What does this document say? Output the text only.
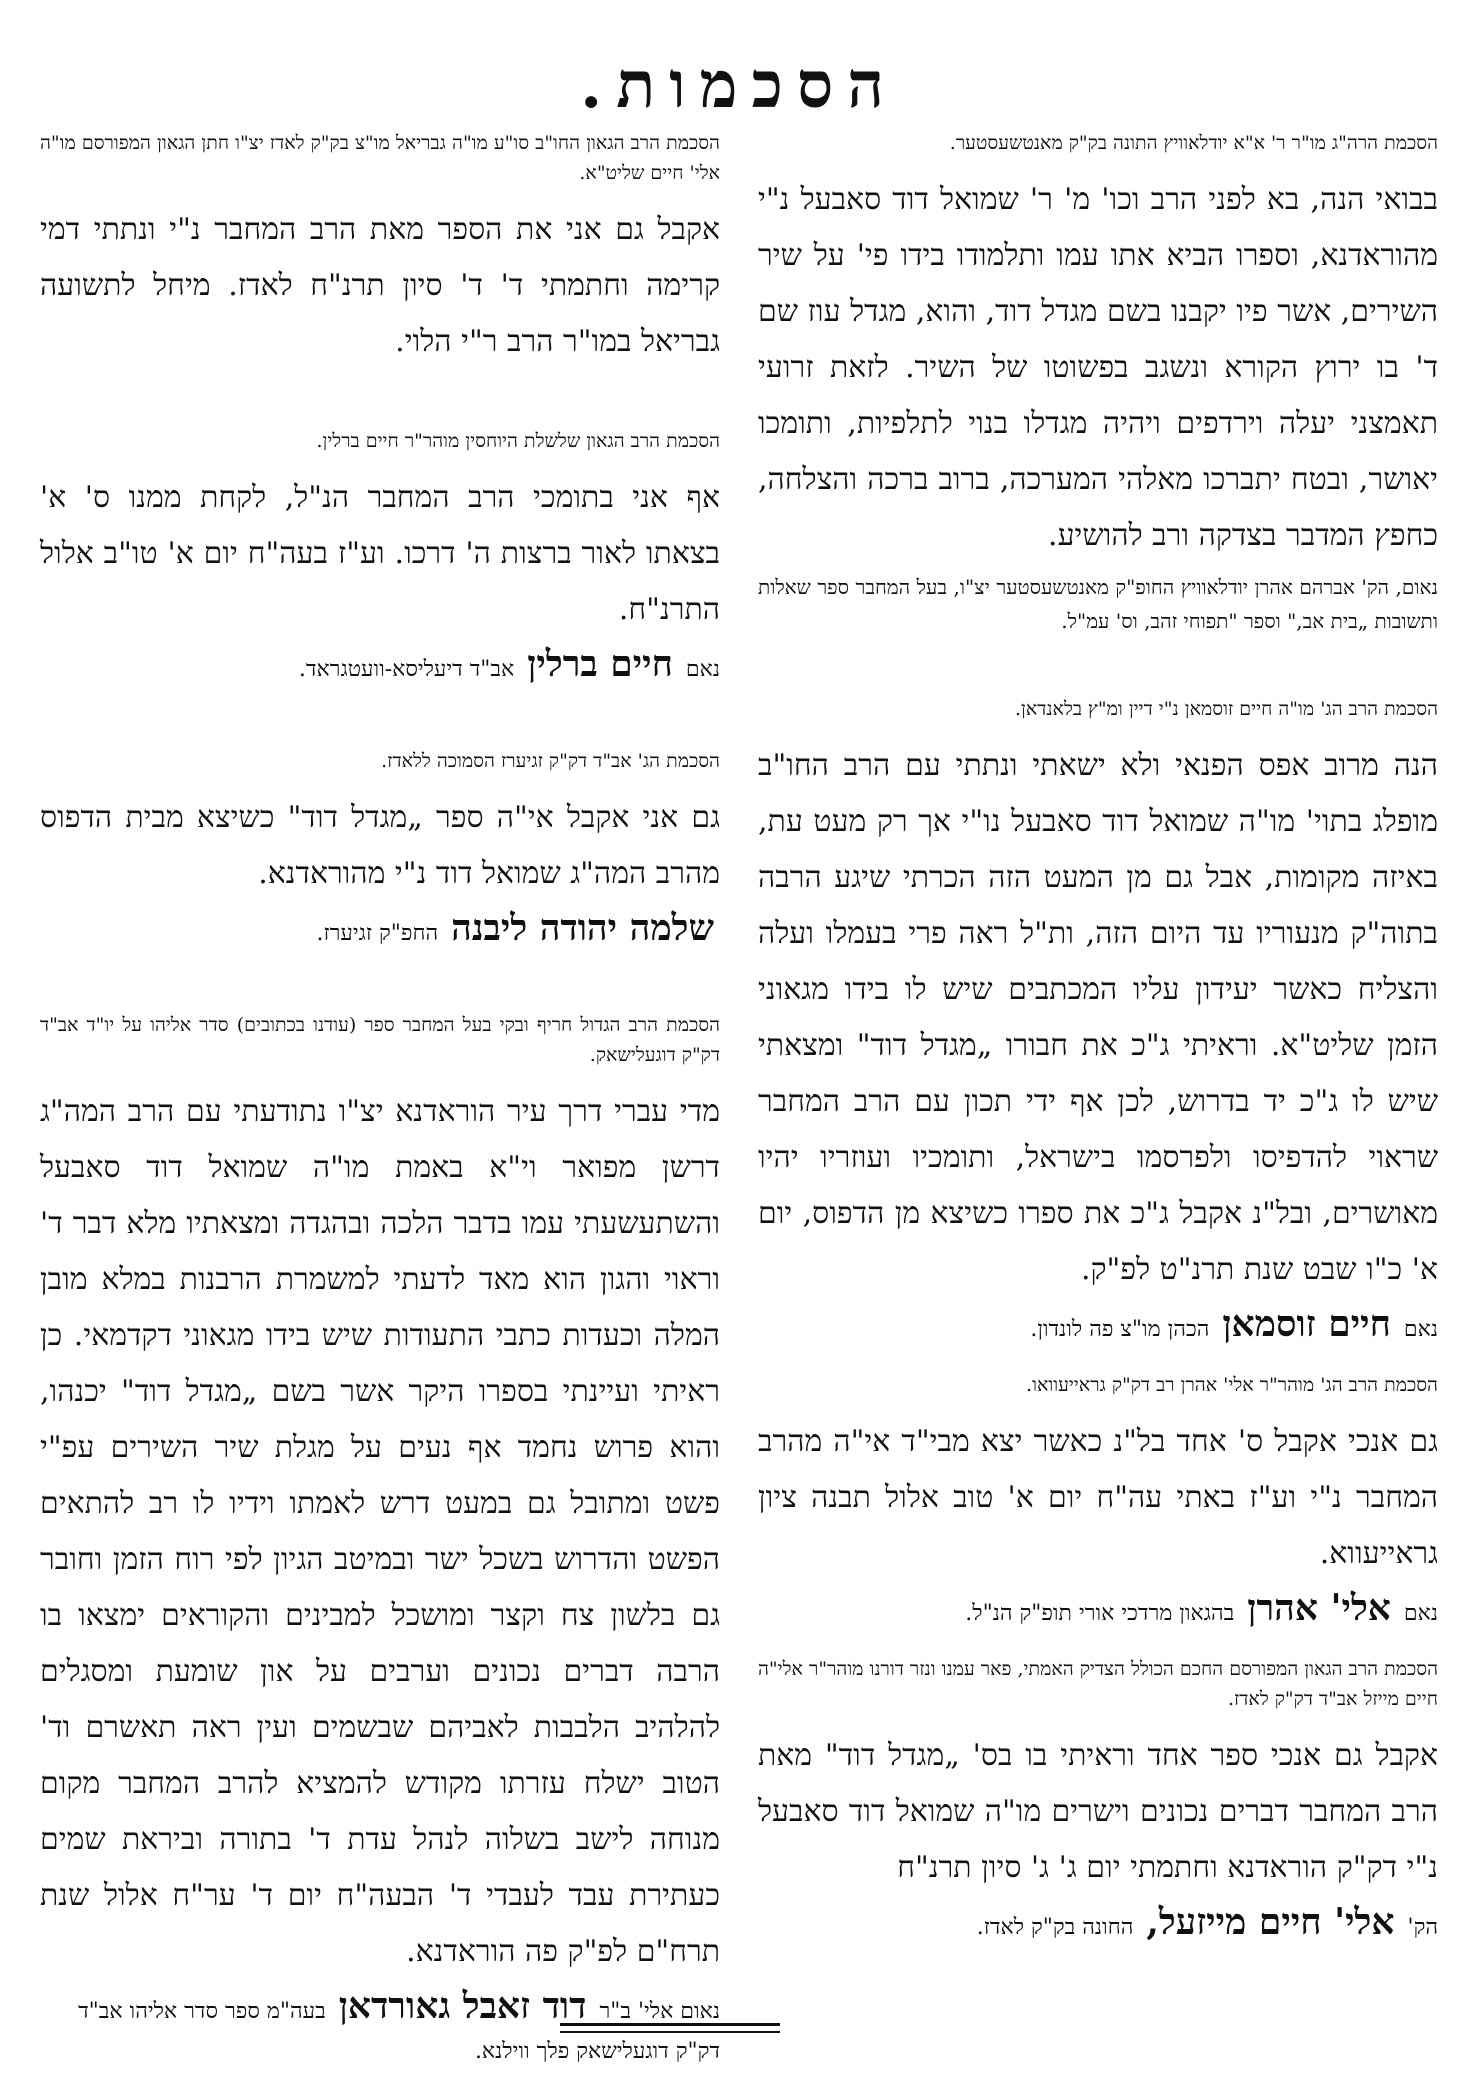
הסכמות.

הסכמת הרה"ג מו"ר ר' א"א יודלאוויץ התונה בק"ק מאנטשעסטער.

בבואי הנה, בא לפני הרב וכו' מ' ר' שמואל דוד סאבעל נ"י מהוראדנא, וספרו הביא אתו עמו ותלמודו בידו פי' על שיר השירים, אשר פיו יקבנו בשם מגדל דוד, והוא, מגדל עוז שם ד' בו ירוץ הקורא ונשגב בפשוטו של השיר. לזאת זרועי תאמצני יעלה וירדפים ויהיה מגדלו בנוי לתלפיות, ותומכו יאושר, ובטח יתברכו מאלהי המערכה, ברוב ברכה והצלחה, כחפץ המדבר בצדקה ורב להושיע.

נאום, הק' אברהם אהרן יודלאוויץ החופ"ק מאנטשעסטער יצ"ו, בעל המחבר ספר שאלות ותשובות „בית אב," וספר "תפוחי זהב, וס' עמ"ל.

הסכמת הרב הג' מו"ה חיים זוסמאן נ"י דיין ומ"ץ בלאנדאן.

הנה מרוב אפס הפנאי ולא יש‎אתי ונתתי עם הרב החו"ב מופלג בתוי' מו"ה שמואל דוד סאבעל נו"י אך רק מעט עת, באיזה מקומות, אבל גם מן המעט הזה הכרתי שיגע הרבה בתוה"ק מנעוריו עד היום הזה, ות"ל ראה פרי בעמלו ועלה והצליח כאשר יעידון עליו המכתבים שיש לו בידו מגאוני הזמן שליט"א. וראיתי ג"כ את חבורו „מגדל דוד" ומצאתי שיש לו ג"כ יד בדרוש, לכן אף ידי תכון עם הרב המחבר שראוי להדפיסו ולפרסמו בישראל, ותומכיו ועוזריו יהיו מאושרים, ובל"נ אקבל ג"כ את ספרו כשיצא מן הדפוס, יום א' כ"ו שבט שנת תרנ"ט לפ"ק.

נאם חיים זוסמאן הכהן מו"צ פה לונדון.

הסכמת הרב הג' מוהר"ר אלי' אהרן רב דק"ק גראייעוואו.

גם אנכי אקבל ס' אחד בל"נ כאשר יצא מבי"ד אי"ה מהרב המחבר נ"י וע"ז באתי עה"ח יום א' טוב אלול תבנה ציון גראייעווא.

נאם אלי' אהרן בהגאון מרדכי אורי תופ"ק הנ"ל.

הסכמת הרב הגאון המפורסם החכם הכולל הצדיק האמתי, פאר עמנו ונזר דורנו מוהר"ר אלי"ה חיים מייזל אב"ד דק"ק לאדז.

אקבל גם אנכי ספר אחד וראיתי בו בס' „מגדל דוד" מאת הרב המחבר דברים נכונים וישרים מו"ה שמואל דוד סאבעל נ"י דק"ק הוראדנא וחתמתי יום ג' ג' סיון תרנ"ח

הק' אלי' חיים מייזעל, החונה בק"ק לאדז.

הסכמת הרב הגאון החו"ב סו"ע מו"ה גבריאל מו"צ בק"ק לאדז יצ"ו חתן הגאון המפורסם מו"ה אלי' חיים שליט"א.

אקבל גם אני את הספר מאת הרב המחבר נ"י ונתתי דמי קרימה וחתמתי ד' ד' סיון תרנ"ח לאדז. מיחל לתשועה גבריאל במו"ר הרב ר"י הלוי.

הסכמת הרב הגאון שלשלת היוחסין מוהר"ר חיים ברלין.

אף אני בתומכי הרב המחבר הנ"ל, לקחת ממנו ס' א' בצאתו לאור ברצות ה' דרכו. וע"ז בעה"ח יום א' טו"ב אלול התרנ"ח.

נאם חיים ברלין אב"ד דיעליסא-וועטגראד.

הסכמת הג' אב"ד דק"ק זגיערז הסמוכה ללאדז.

גם אני אקבל אי"ה ספר „מגדל דוד" כשיצא מבית הדפוס מהרב המה"ג שמואל דוד נ"י מהוראדנא.

שלמה יהודה ליבנה החפ"ק זגיערז.

הסכמת הרב הגדול חריף ובקי בעל המחבר ספר (עודנו בכתובים) סדר אליהו על יו"ד אב"ד דק"ק דוגעלישאק.

מדי עברי דרך עיר הוראדנא יצ"ו נתודעתי עם הרב המה"ג דרשן מפואר וי"א באמת מו"ה שמואל דוד סאבעל והשתעשעתי עמו בדבר הלכה ובהגדה ומצאתיו מלא דבר ד' וראוי והגון הוא מאד לדעתי למשמרת הרבנות במלא מובן המלה וכעדות כתבי התעודות שיש בידו מגאוני דקדמאי. כן ראיתי ועיינתי בספרו היקר אשר בשם „מגדל דוד" יכנהו, והוא פרוש נחמד אף נעים על מגלת שיר השירים עפ"י פשט ומתובל גם במעט דרש לאמתו וידיו לו רב להתאים הפשט והדרוש בשכל ישר ובמיטב הגיון לפי רוח הזמן וחובר גם בלשון צח וקצר ומושכל למבינים והקוראים ימצאו בו הרבה דברים נכונים וערבים על און שומעת ומסגלים להלהיב הלבבות לאביהם שבשמים ועין ראה תאשרם וד' הטוב ישלח עזרתו מקודש להמציא להרב המחבר מקום מנוחה לישב בשלוה לנהל עדת ד' בתורה וביראת שמים כעתירת עבד לעבדי ד' הבעה"ח יום ד' ער"ח אלול שנת תרח"ם לפ"ק פה הוראדנא.

נאום אלי' ב"ר דוד זאבל גאורדאן בעה"מ ספר סדר אליהו אב"ד דק"ק דוגעלישאק פלך ווילנא.
